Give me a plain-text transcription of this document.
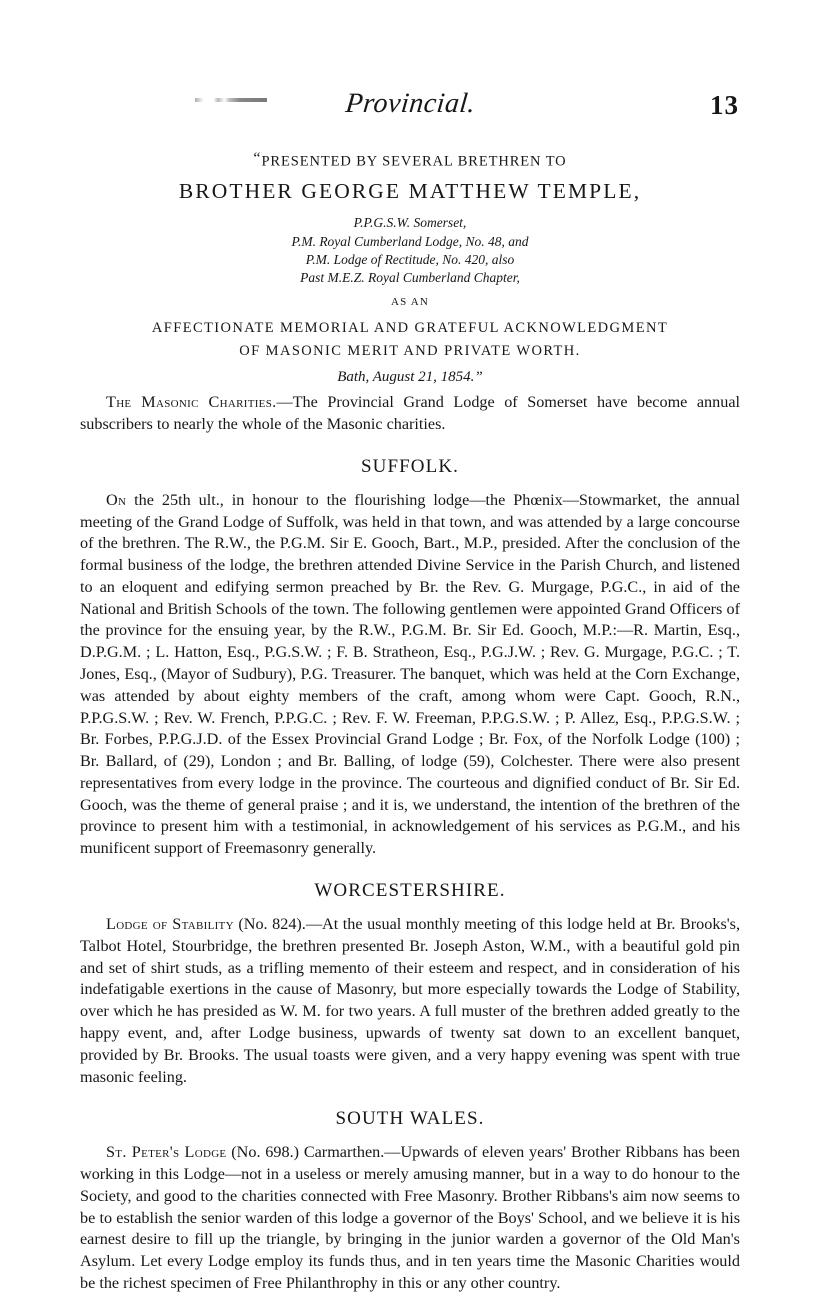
Provincial.	13
“PRESENTED BY SEVERAL BRETHREN TO
BROTHER GEORGE MATTHEW TEMPLE,
P.P.G.S.W. Somerset,
P.M. Royal Cumberland Lodge, No. 48, and
P.M. Lodge of Rectitude, No. 420, also
Past M.E.Z. Royal Cumberland Chapter,
AS AN
AFFECTIONATE MEMORIAL AND GRATEFUL ACKNOWLEDGMENT
OF MASONIC MERIT AND PRIVATE WORTH.
Bath, August 21, 1854.”

The Masonic Charities.—The Provincial Grand Lodge of Somerset have become annual subscribers to nearly the whole of the Masonic charities.

SUFFOLK.

On the 25th ult., in honour to the flourishing lodge—the Phœnix—Stowmarket, the annual meeting of the Grand Lodge of Suffolk, was held in that town, and was attended by a large concourse of the brethren. The R.W., the P.G.M. Sir E. Gooch, Bart., M.P., presided. After the conclusion of the formal business of the lodge, the brethren attended Divine Service in the Parish Church, and listened to an eloquent and edifying sermon preached by Br. the Rev. G. Murgage, P.G.C., in aid of the National and British Schools of the town. The following gentlemen were appointed Grand Officers of the province for the ensuing year, by the R.W., P.G.M. Br. Sir Ed. Gooch, M.P.:—R. Martin, Esq., D.P.G.M. ; L. Hatton, Esq., P.G.S.W. ; F. B. Stratheon, Esq., P.G.J.W. ; Rev. G. Murgage, P.G.C. ; T. Jones, Esq., (Mayor of Sudbury), P.G. Treasurer. The banquet, which was held at the Corn Exchange, was attended by about eighty members of the craft, among whom were Capt. Gooch, R.N., P.P.G.S.W. ; Rev. W. French, P.P.G.C. ; Rev. F. W. Freeman, P.P.G.S.W. ; P. Allez, Esq., P.P.G.S.W. ; Br. Forbes, P.P.G.J.D. of the Essex Provincial Grand Lodge ; Br. Fox, of the Norfolk Lodge (100) ; Br. Ballard, of (29), London ; and Br. Balling, of lodge (59), Colchester. There were also present representatives from every lodge in the province. The courteous and dignified conduct of Br. Sir Ed. Gooch, was the theme of general praise ; and it is, we understand, the intention of the brethren of the province to present him with a testimonial, in acknowledgement of his services as P.G.M., and his munificent support of Freemasonry generally.

WORCESTERSHIRE.

Lodge of Stability (No. 824).—At the usual monthly meeting of this lodge held at Br. Brooks's, Talbot Hotel, Stourbridge, the brethren presented Br. Joseph Aston, W.M., with a beautiful gold pin and set of shirt studs, as a trifling memento of their esteem and respect, and in consideration of his indefatigable exertions in the cause of Masonry, but more especially towards the Lodge of Stability, over which he has presided as W. M. for two years. A full muster of the brethren added greatly to the happy event, and, after Lodge business, upwards of twenty sat down to an excellent banquet, provided by Br. Brooks. The usual toasts were given, and a very happy evening was spent with true masonic feeling.

SOUTH WALES.

St. Peter's Lodge (No. 698.) Carmarthen.—Upwards of eleven years' Brother Ribbans has been working in this Lodge—not in a useless or merely amusing manner, but in a way to do honour to the Society, and good to the charities connected with Free Masonry. Brother Ribbans's aim now seems to be to establish the senior warden of this lodge a governor of the Boys' School, and we believe it is his earnest desire to fill up the triangle, by bringing in the junior warden a governor of the Old Man's Asylum. Let every Lodge employ its funds thus, and in ten years time the Masonic Charities would be the richest specimen of Free Philanthrophy in this or any other country.
